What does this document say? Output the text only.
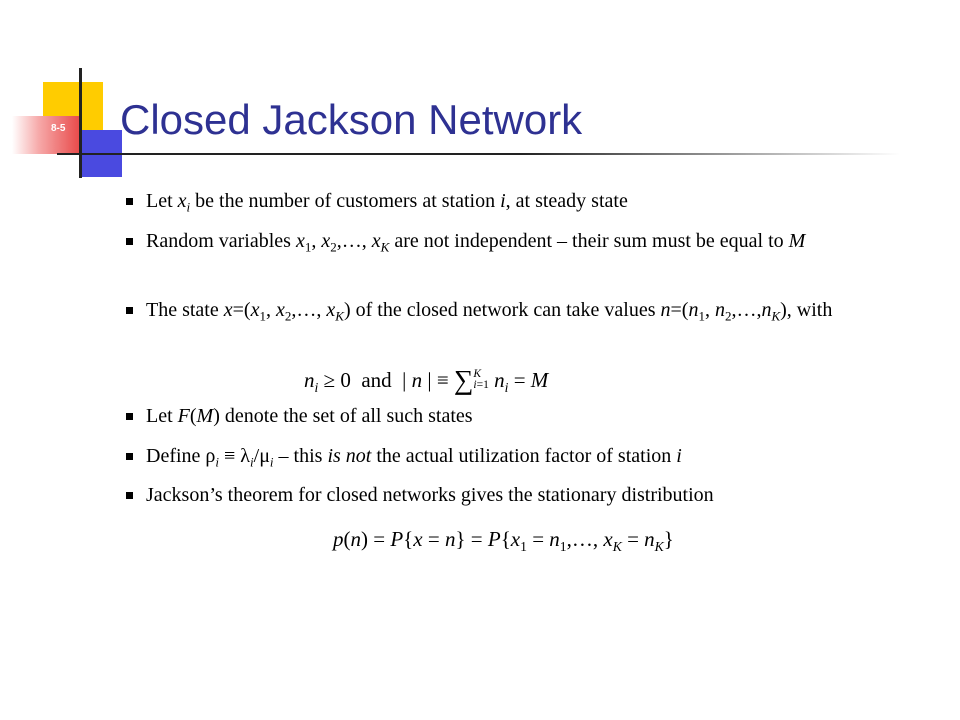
8-5 Closed Jackson Network
Let $x_i$ be the number of customers at station i, at steady state
Random variables $x_1$, $x_2,\dots$, $x_K$ are not independent – their sum must be equal to M
The state $x=(x_1$, $x_2,\dots$, $x_K$) of the closed network can take values $n=(n_1$, $n_2,\dots,n_K$), with
Let F(M) denote the set of all such states
Define $\rho_i \equiv \lambda_i/\mu_i$ – this is not the actual utilization factor of station i
Jackson’s theorem for closed networks gives the stationary distribution
$n_i \ge 0$  and  | n | ≡ ∑ K
i=1 $n_i = M$
$p(n) = P\{x = n\} = P\{x_1$ = $n_1,\dots$, $x_K = n_K$}
